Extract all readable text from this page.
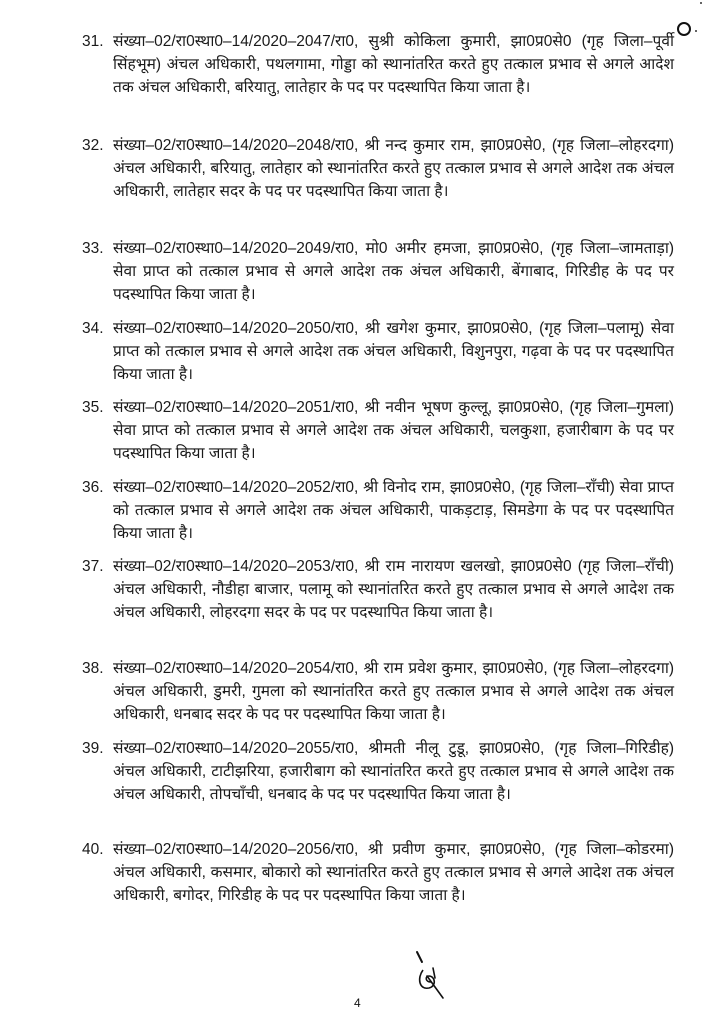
31. संख्या–02/रा0स्था0–14/2020–2047/रा0, सुश्री कोकिला कुमारी, झा0प्र0से0 (गृह जिला–पूर्वी सिंहभूम) अंचल अधिकारी, पथलगामा, गोड्डा को स्थानांतरित करते हुए तत्काल प्रभाव से अगले आदेश तक अंचल अधिकारी, बरियातु, लातेहार के पद पर पदस्थापित किया जाता है।
32. संख्या–02/रा0स्था0–14/2020–2048/रा0, श्री नन्द कुमार राम, झा0प्र0से0, (गृह जिला–लोहरदगा) अंचल अधिकारी, बरियातु, लातेहार को स्थानांतरित करते हुए तत्काल प्रभाव से अगले आदेश तक अंचल अधिकारी, लातेहार सदर के पद पर पदस्थापित किया जाता है।
33. संख्या–02/रा0स्था0–14/2020–2049/रा0, मो0 अमीर हमजा, झा0प्र0से0, (गृह जिला–जामताड़ा) सेवा प्राप्त को तत्काल प्रभाव से अगले आदेश तक अंचल अधिकारी, बेंगाबाद, गिरिडीह के पद पर पदस्थापित किया जाता है।
34. संख्या–02/रा0स्था0–14/2020–2050/रा0, श्री खगेश कुमार, झा0प्र0से0, (गृह जिला–पलामू) सेवा प्राप्त को तत्काल प्रभाव से अगले आदेश तक अंचल अधिकारी, विशुनपुरा, गढ़वा के पद पर पदस्थापित किया जाता है।
35. संख्या–02/रा0स्था0–14/2020–2051/रा0, श्री नवीन भूषण कुल्लू, झा0प्र0से0, (गृह जिला–गुमला) सेवा प्राप्त को तत्काल प्रभाव से अगले आदेश तक अंचल अधिकारी, चलकुशा, हजारीबाग के पद पर पदस्थापित किया जाता है।
36. संख्या–02/रा0स्था0–14/2020–2052/रा0, श्री विनोद राम, झा0प्र0से0, (गृह जिला–राँची) सेवा प्राप्त को तत्काल प्रभाव से अगले आदेश तक अंचल अधिकारी, पाकड़टाड़, सिमडेगा के पद पर पदस्थापित किया जाता है।
37. संख्या–02/रा0स्था0–14/2020–2053/रा0, श्री राम नारायण खलखो, झा0प्र0से0 (गृह जिला–राँची) अंचल अधिकारी, नौडीहा बाजार, पलामू को स्थानांतरित करते हुए तत्काल प्रभाव से अगले आदेश तक अंचल अधिकारी, लोहरदगा सदर के पद पर पदस्थापित किया जाता है।
38. संख्या–02/रा0स्था0–14/2020–2054/रा0, श्री राम प्रवेश कुमार, झा0प्र0से0, (गृह जिला–लोहरदगा) अंचल अधिकारी, डुमरी, गुमला को स्थानांतरित करते हुए तत्काल प्रभाव से अगले आदेश तक अंचल अधिकारी, धनबाद सदर के पद पर पदस्थापित किया जाता है।
39. संख्या–02/रा0स्था0–14/2020–2055/रा0, श्रीमती नीलू टुडू, झा0प्र0से0, (गृह जिला–गिरिडीह) अंचल अधिकारी, टाटीझरिया, हजारीबाग को स्थानांतरित करते हुए तत्काल प्रभाव से अगले आदेश तक अंचल अधिकारी, तोपचाँची, धनबाद के पद पर पदस्थापित किया जाता है।
40. संख्या–02/रा0स्था0–14/2020–2056/रा0, श्री प्रवीण कुमार, झा0प्र0से0, (गृह जिला–कोडरमा) अंचल अधिकारी, कसमार, बोकारो को स्थानांतरित करते हुए तत्काल प्रभाव से अगले आदेश तक अंचल अधिकारी, बगोदर, गिरिडीह के पद पर पदस्थापित किया जाता है।
4
